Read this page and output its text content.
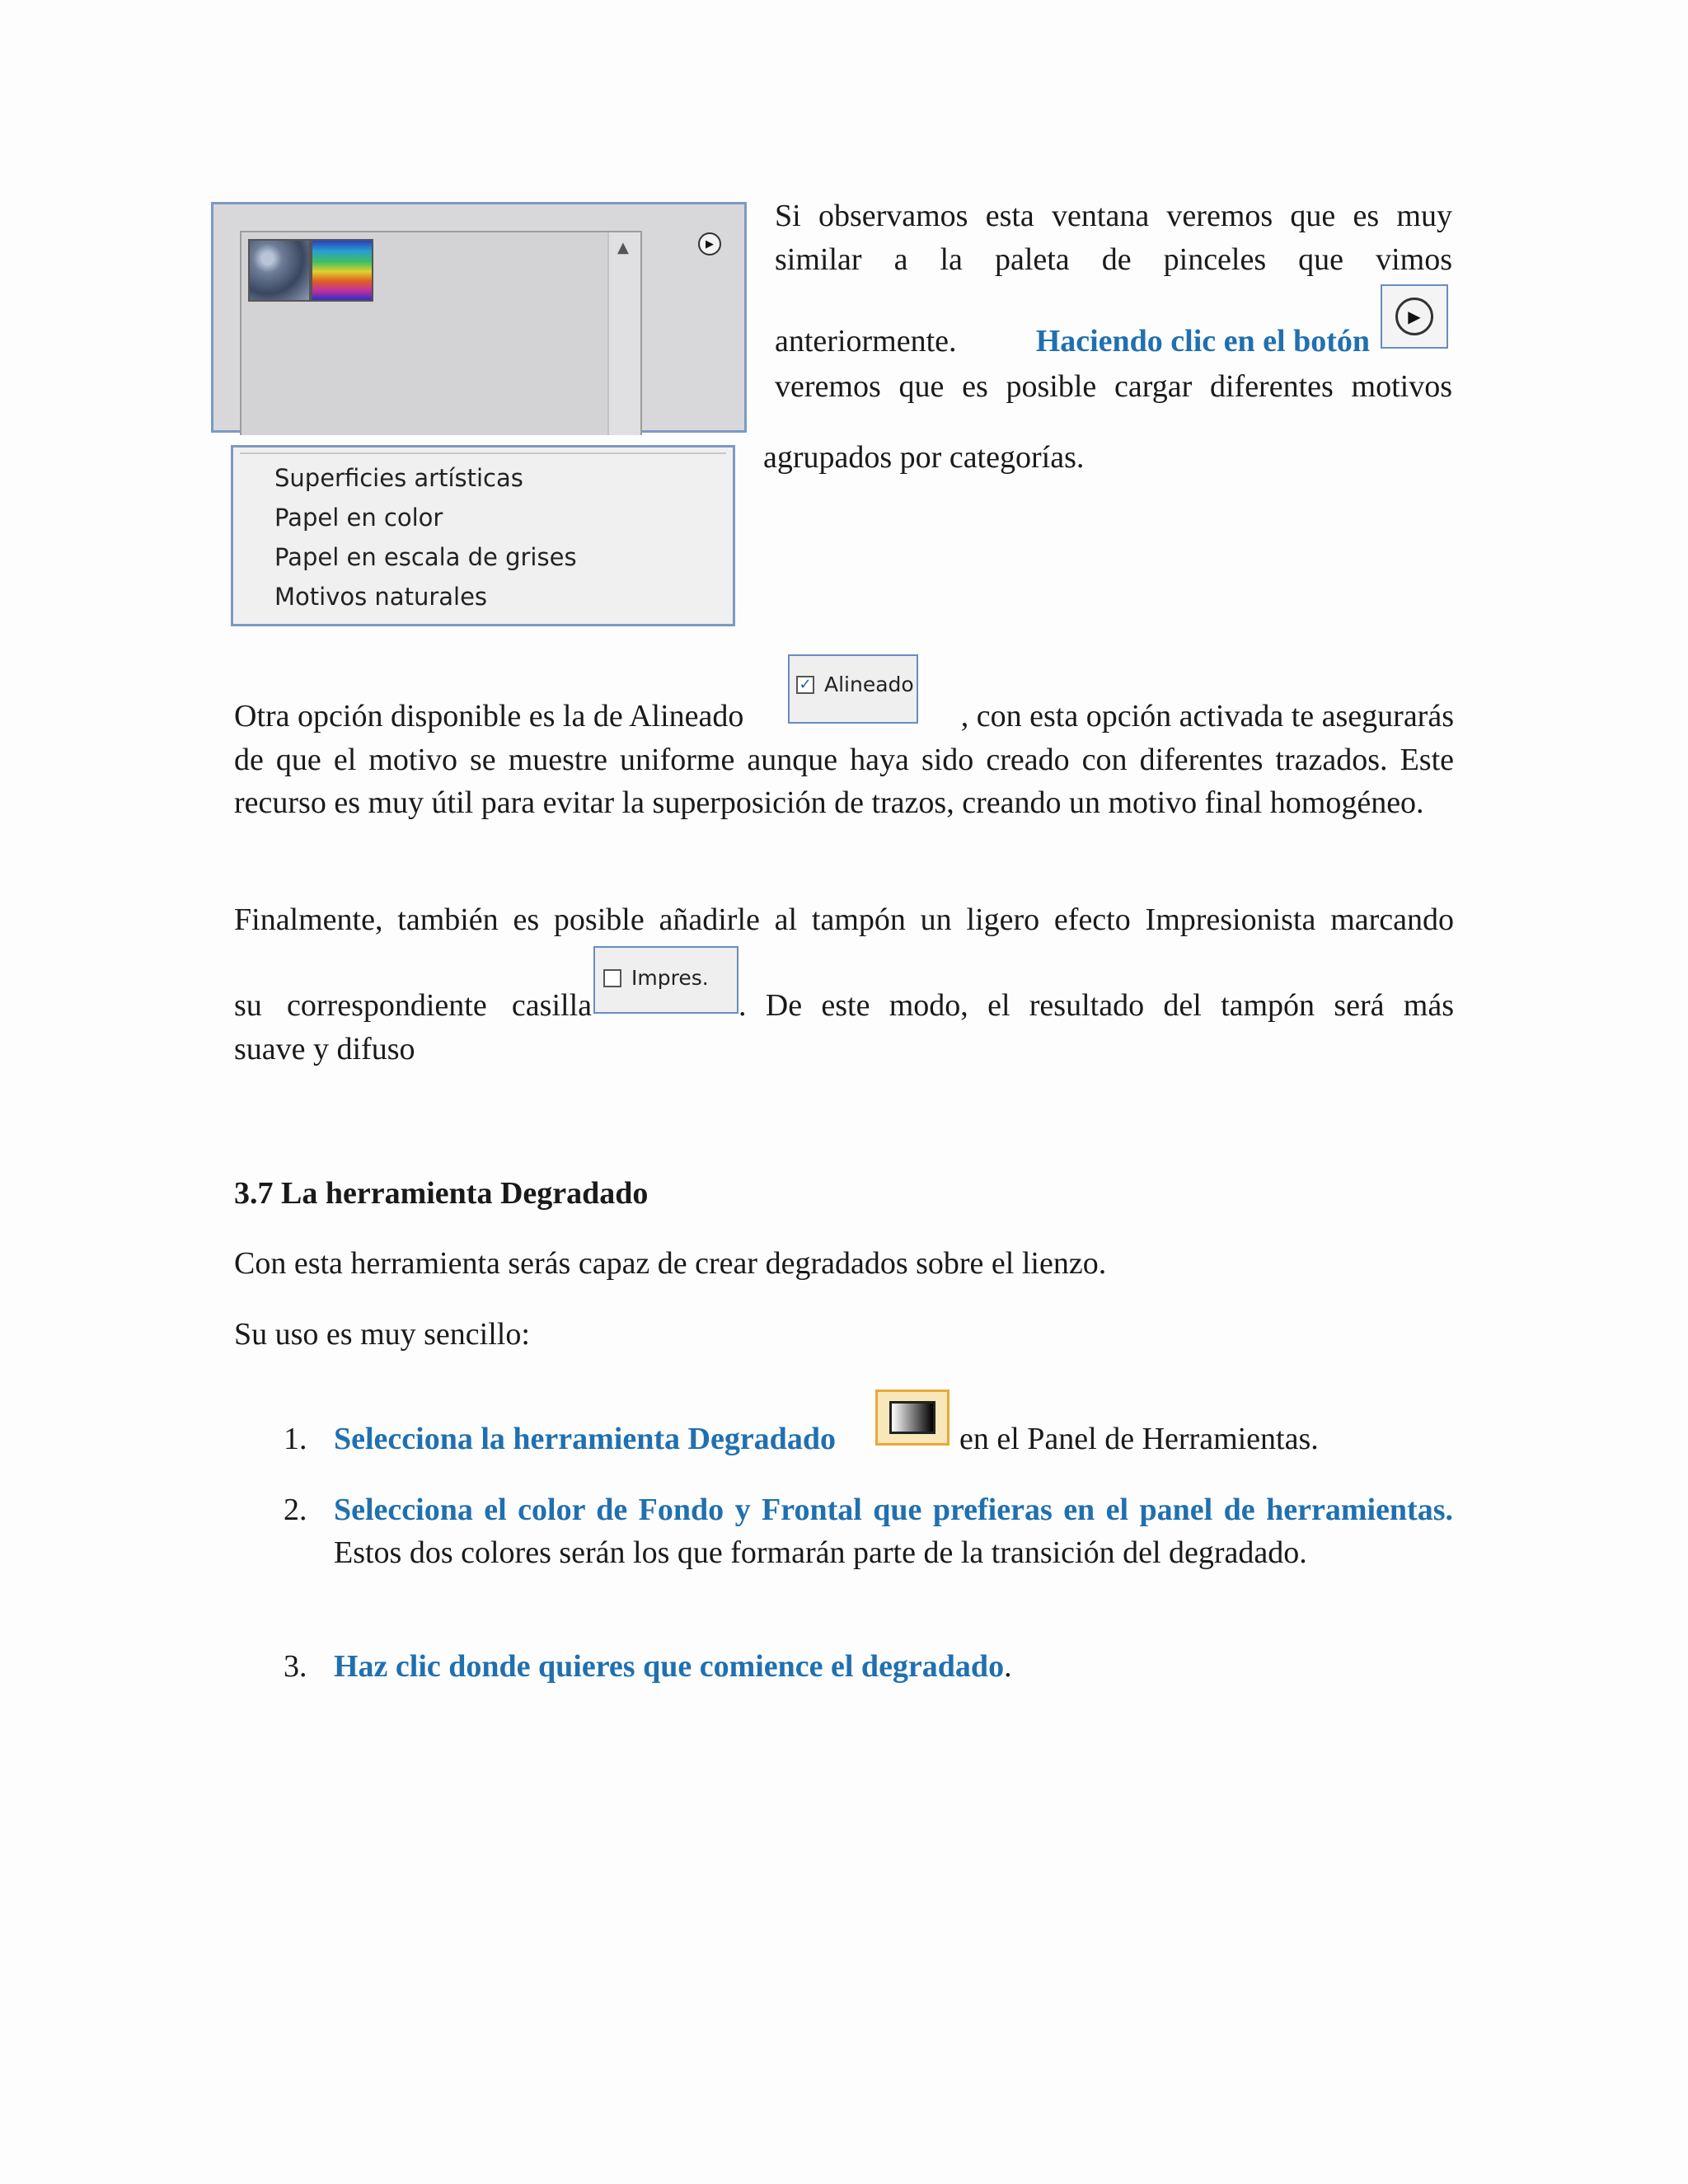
▲	▶
Superficies artísticas
Papel en color
Papel en escala de grises
Motivos naturales
Si observamos esta ventana veremos que es muy
similar a la paleta de pinceles que vimos
anteriormente.	Haciendo clic en el botón
▶
veremos que es posible cargar diferentes motivos
agrupados por categorías.
Otra opción disponible es la de Alineado	, con esta opción activada te asegurarás
✓ Alineado
de que el motivo se muestre uniforme aunque haya sido creado con diferentes trazados. Este recurso es muy útil para evitar la superposición de trazos, creando un motivo final homogéneo.
Finalmente, también es posible añadirle al tampón un ligero efecto Impresionista marcando
su correspondiente casilla	. De este modo, el resultado del tampón será más
Impres.
suave y difuso
3.7 La herramienta Degradado
Con esta herramienta serás capaz de crear degradados sobre el lienzo.
Su uso es muy sencillo:
1. Selecciona la herramienta Degradado	en el Panel de Herramientas.
2. Selecciona el color de Fondo y Frontal que prefieras en el panel de herramientas. Estos dos colores serán los que formarán parte de la transición del degradado.
3. Haz clic donde quieres que comience el degradado.
